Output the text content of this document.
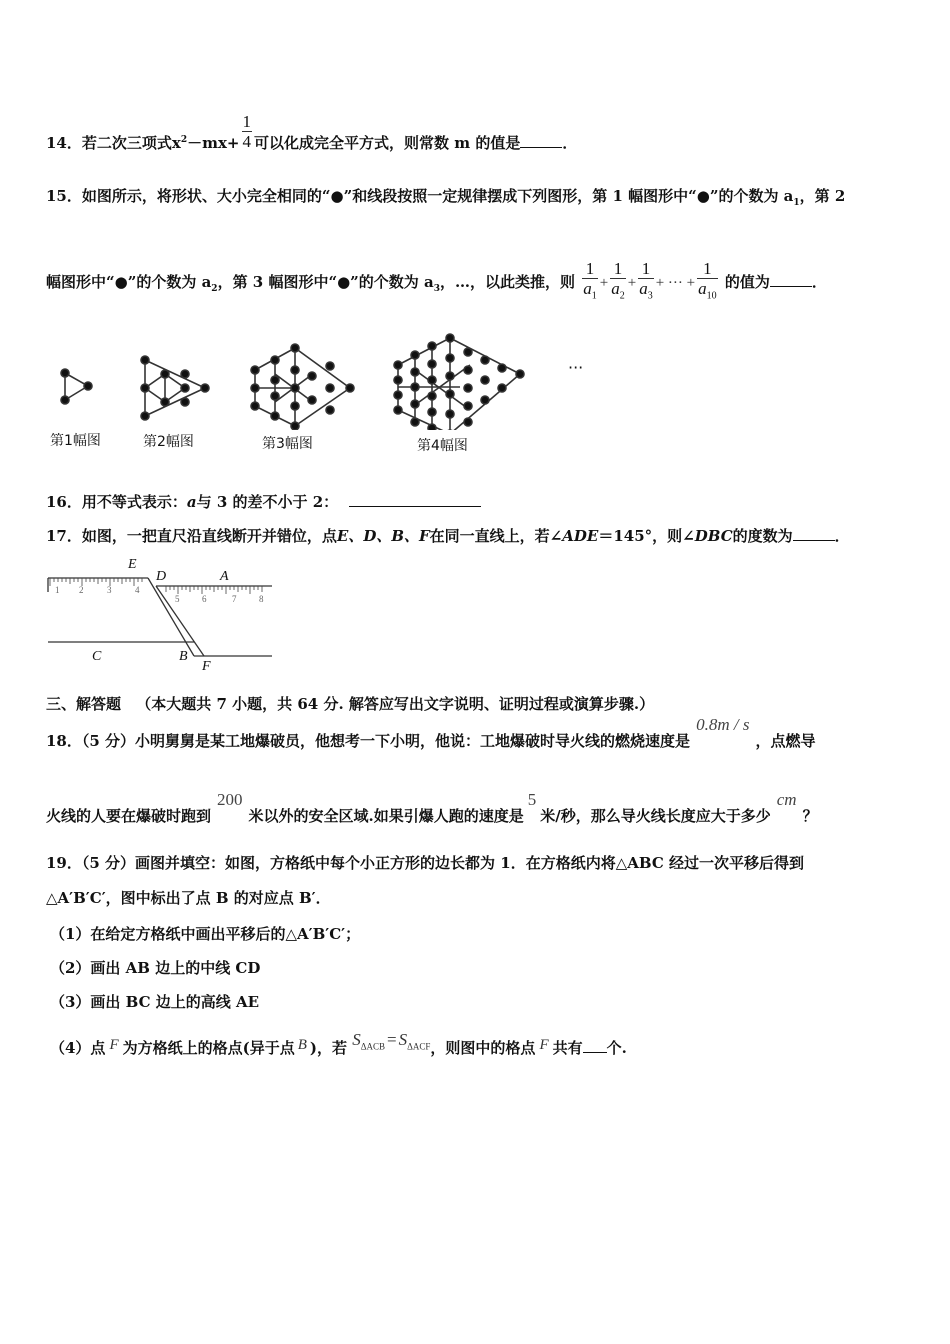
14．若二次三项式$x^2-mx+ \frac{1}{4}$ 可以化成完全平方式，则常数 m 的值是	．
15．如图所示，将形状、大小完全相同的“●”和线段按照一定规律摆成下列图形，第 1 幅图形中“●”的个数为 $a_1$，第 2
幅图形中“●”的个数为 $a_2$，第 3 幅图形中“●”的个数为 $a_3$，…，以此类推，则 $\frac{1}{a_1} + \frac{1}{a_2} + \frac{1}{a_3}$ + ··· + $\frac{1}{a_{10}}$ 的值为	．
···
第1幅图	第2幅图	第3幅图	第4幅图
16．用不等式表示：a与 3 的差不小于 2：
17．如图，一把直尺沿直线断开并错位，点E、D、B、F在同一直线上，若∠ADE＝145°，则∠DBC的度数为	．
1 2	3	4
5	6	7	8
E
D	A
C	B
F
三、解答题 （本大题共 7 小题，共 64 分. 解答应写出文字说明、证明过程或演算步骤.）
18．（5 分）小明舅舅是某工地爆破员，他想考一下小明，他说：工地爆破时导火线的燃烧速度是0.8m / s，点燃导
火线的人要在爆破时跑到200米以外的安全区域.如果引爆人跑的速度是5米/秒，那么导火线长度应大于多少cm？
19．（5 分）画图并填空：如图，方格纸中每个小正方形的边长都为 1．在方格纸内将△ABC 经过一次平移后得到
△A′B′C′，图中标出了点 B 的对应点 B′．
（1）在给定方格纸中画出平移后的△A′B′C′；
（2）画出 AB 边上的中线 CD
（3）画出 BC 边上的高线 AE
（4）点 F 为方格纸上的格点(异于点 B )，若 $S_{\Delta ACB} = S_{\Delta ACF}$，则图中的格点 F 共有 个.
